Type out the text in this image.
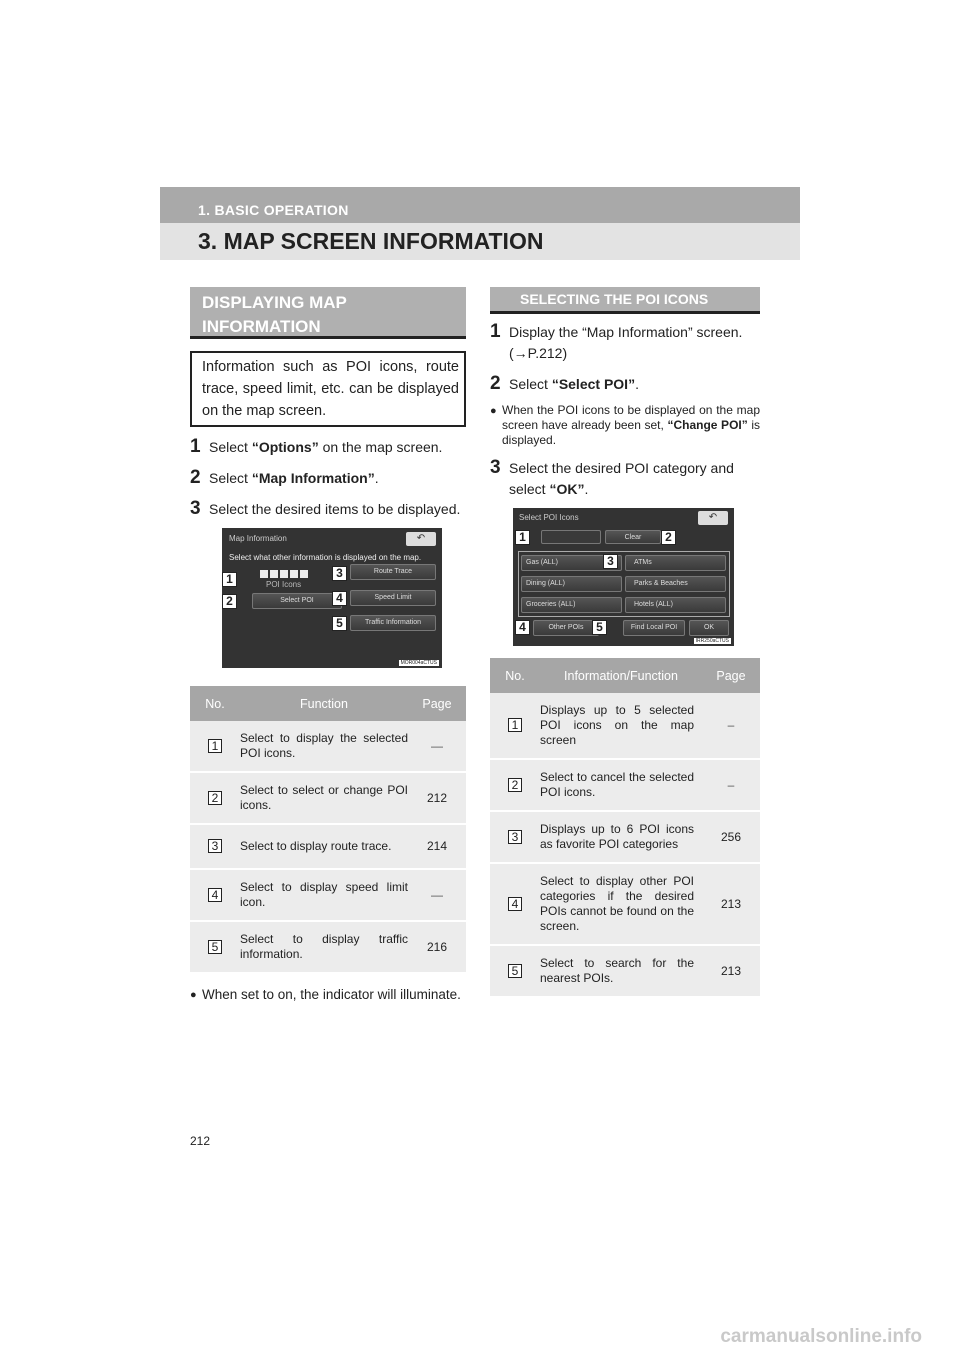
1. BASIC OPERATION
3. MAP SCREEN INFORMATION
DISPLAYING MAP INFORMATION
Information such as POI icons, route trace, speed limit, etc. can be displayed on the map screen.
1 Select “Options” on the map screen.
2 Select “Map Information”.
3 Select the desired items to be displayed.
Map Information	↶
Select what other information is displayed on the map.
POI Icons
Select POI
Route Trace
Speed Limit
Traffic Information
1
2
3
4
5
MOR004aCTUS
No.	Function	Page
1	Select to display the selected POI icons.	—
2	Select to select or change POI icons.	212
3	Select to display route trace.	214
4	Select to display speed limit icon.	—
5	Select to display traffic information.	216
● When set to on, the indicator will illuminate.
SELECTING THE POI ICONS
1 Display the “Map Information” screen. (→P.212)
2 Select “Select POI”.
● When the POI icons to be displayed on the map screen have already been set, “Change POI” is displayed.
3 Select the desired POI category and select “OK”.
Select POI Icons	↶
Clear
Gas (ALL)	ATMs
Dining (ALL)	Parks & Beaches
Groceries (ALL)	Hotels (ALL)
Other POIs	Find Local POI	OK
1	2
3
4	5
IRR250aCTUS
No.	Information/Function	Page
1	Displays up to 5 selected POI icons on the map screen	–
2	Select to cancel the selected POI icons.	–
3	Displays up to 6 POI icons as favorite POI categories	256
4	Select to display other POI categories if the desired POIs cannot be found on the screen.	213
5	Select to search for the nearest POIs.	213
212
carmanualsonline.info
